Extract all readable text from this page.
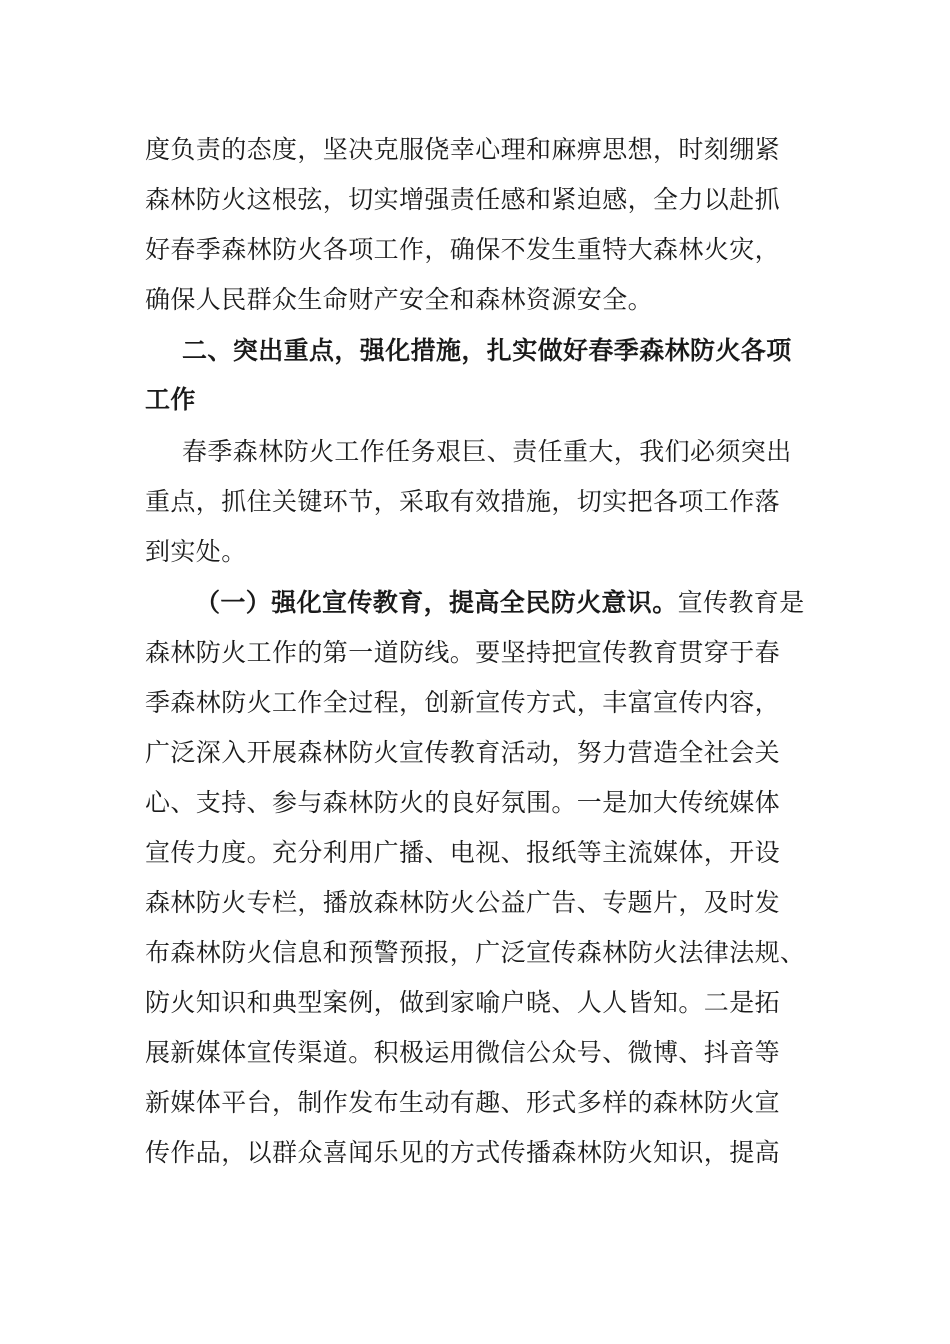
度负责的态度，坚决克服侥幸心理和麻痹思想，时刻绷紧
森林防火这根弦，切实增强责任感和紧迫感，全力以赴抓
好春季森林防火各项工作，确保不发生重特大森林火灾，
确保人民群众生命财产安全和森林资源安全。
二、突出重点，强化措施，扎实做好春季森林防火各项
工作
春季森林防火工作任务艰巨、责任重大，我们必须突出
重点，抓住关键环节，采取有效措施，切实把各项工作落
到实处。
（一）强化宣传教育，提高全民防火意识。宣传教育是
森林防火工作的第一道防线。要坚持把宣传教育贯穿于春
季森林防火工作全过程，创新宣传方式，丰富宣传内容，
广泛深入开展森林防火宣传教育活动，努力营造全社会关
心、支持、参与森林防火的良好氛围。一是加大传统媒体
宣传力度。充分利用广播、电视、报纸等主流媒体，开设
森林防火专栏，播放森林防火公益广告、专题片，及时发
布森林防火信息和预警预报，广泛宣传森林防火法律法规、
防火知识和典型案例，做到家喻户晓、人人皆知。二是拓
展新媒体宣传渠道。积极运用微信公众号、微博、抖音等
新媒体平台，制作发布生动有趣、形式多样的森林防火宣
传作品，以群众喜闻乐见的方式传播森林防火知识，提高
